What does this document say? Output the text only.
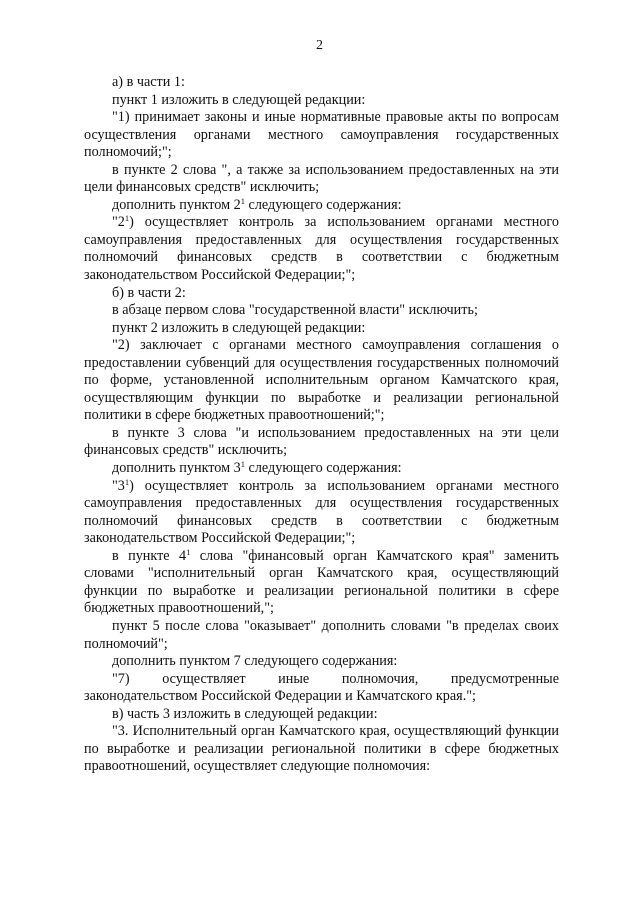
2

а) в части 1:

пункт 1 изложить в следующей редакции:

"1) принимает законы и иные нормативные правовые акты по вопросам осуществления органами местного самоуправления государственных полномочий;";

в пункте 2 слова ", а также за использованием предоставленных на эти цели финансовых средств" исключить;

дополнить пунктом $2^1$ следующего содержания:

"$2^1$) осуществляет контроль за использованием органами местного самоуправления предоставленных для осуществления государственных полномочий финансовых средств в соответствии с бюджетным законодательством Российской Федерации;";

б) в части 2:

в абзаце первом слова "государственной власти" исключить;

пункт 2 изложить в следующей редакции:

"2) заключает с органами местного самоуправления соглашения о предоставлении субвенций для осуществления государственных полномочий по форме, установленной исполнительным органом Камчатского края, осуществляющим функции по выработке и реализации региональной политики в сфере бюджетных правоотношений;";

в пункте 3 слова "и использованием предоставленных на эти цели финансовых средств" исключить;

дополнить пунктом $3^1$ следующего содержания:

"$3^1$) осуществляет контроль за использованием органами местного самоуправления предоставленных для осуществления государственных полномочий финансовых средств в соответствии с бюджетным законодательством Российской Федерации;";

в пункте $4^1$ слова "финансовый орган Камчатского края" заменить словами "исполнительный орган Камчатского края, осуществляющий функции по выработке и реализации региональной политики в сфере бюджетных правоотношений,";

пункт 5 после слова "оказывает" дополнить словами "в пределах своих полномочий";

дополнить пунктом 7 следующего содержания:

"7) осуществляет иные полномочия, предусмотренные законодательством Российской Федерации и Камчатского края.";

в) часть 3 изложить в следующей редакции:

"3. Исполнительный орган Камчатского края, осуществляющий функции по выработке и реализации региональной политики в сфере бюджетных правоотношений, осуществляет следующие полномочия:
